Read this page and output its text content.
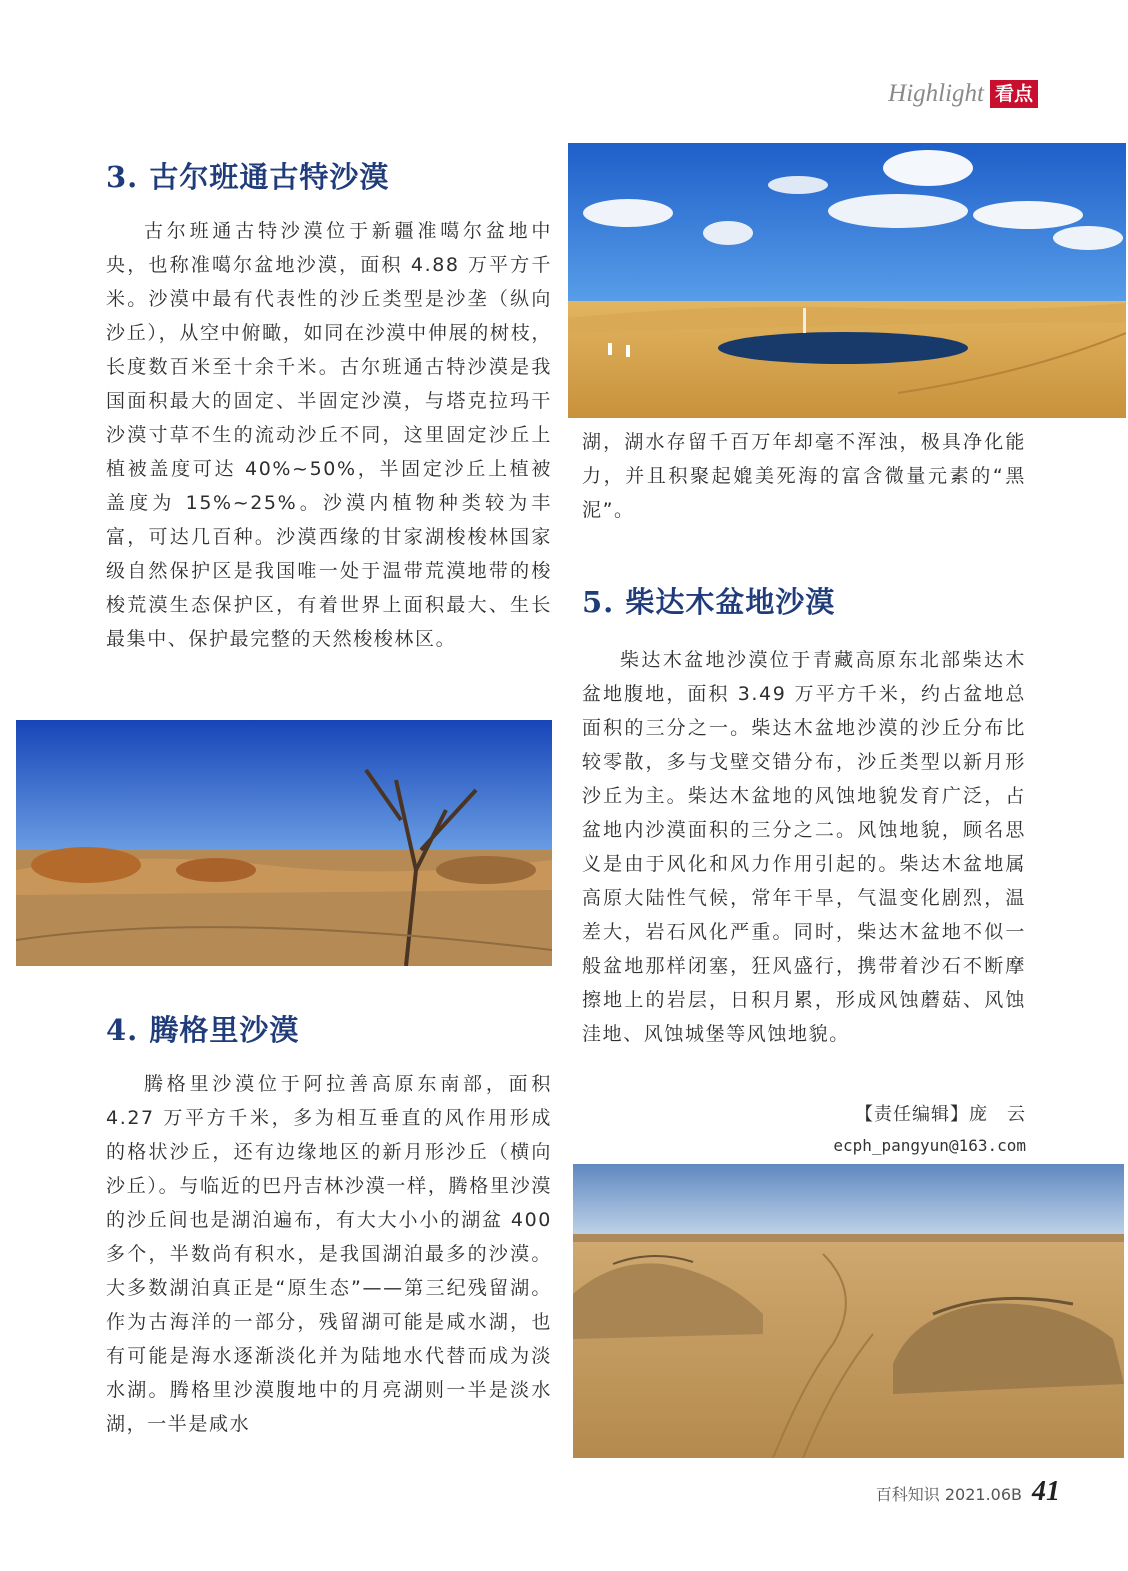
Highlight 看点
3. 古尔班通古特沙漠

古尔班通古特沙漠位于新疆准噶尔盆地中央，也称准噶尔盆地沙漠，面积 4.88 万平方千米。沙漠中最有代表性的沙丘类型是沙垄（纵向沙丘），从空中俯瞰，如同在沙漠中伸展的树枝，长度数百米至十余千米。古尔班通古特沙漠是我国面积最大的固定、半固定沙漠，与塔克拉玛干沙漠寸草不生的流动沙丘不同，这里固定沙丘上植被盖度可达 40%~50%，半固定沙丘上植被盖度为 15%~25%。沙漠内植物种类较为丰富，可达几百种。沙漠西缘的甘家湖梭梭林国家级自然保护区是我国唯一处于温带荒漠地带的梭梭荒漠生态保护区，有着世界上面积最大、生长最集中、保护最完整的天然梭梭林区。

湖，湖水存留千百万年却毫不浑浊，极具净化能力，并且积聚起媲美死海的富含微量元素的“黑泥”。

4. 腾格里沙漠

腾格里沙漠位于阿拉善高原东南部，面积 4.27 万平方千米，多为相互垂直的风作用形成的格状沙丘，还有边缘地区的新月形沙丘（横向沙丘）。与临近的巴丹吉林沙漠一样，腾格里沙漠的沙丘间也是湖泊遍布，有大大小小的湖盆 400 多个，半数尚有积水，是我国湖泊最多的沙漠。大多数湖泊真正是“原生态”——第三纪残留湖。作为古海洋的一部分，残留湖可能是咸水湖，也有可能是海水逐渐淡化并为陆地水代替而成为淡水湖。腾格里沙漠腹地中的月亮湖则一半是淡水湖，一半是咸水

5. 柴达木盆地沙漠

柴达木盆地沙漠位于青藏高原东北部柴达木盆地腹地，面积 3.49 万平方千米，约占盆地总面积的三分之一。柴达木盆地沙漠的沙丘分布比较零散，多与戈壁交错分布，沙丘类型以新月形沙丘为主。柴达木盆地的风蚀地貌发育广泛，占盆地内沙漠面积的三分之二。风蚀地貌，顾名思义是由于风化和风力作用引起的。柴达木盆地属高原大陆性气候，常年干旱，气温变化剧烈，温差大，岩石风化严重。同时，柴达木盆地不似一般盆地那样闭塞，狂风盛行，携带着沙石不断摩擦地上的岩层，日积月累，形成风蚀蘑菇、风蚀洼地、风蚀城堡等风蚀地貌。

【责任编辑】庞　云
ecph_pangyun@163.com
百科知识 2021.06B 41
